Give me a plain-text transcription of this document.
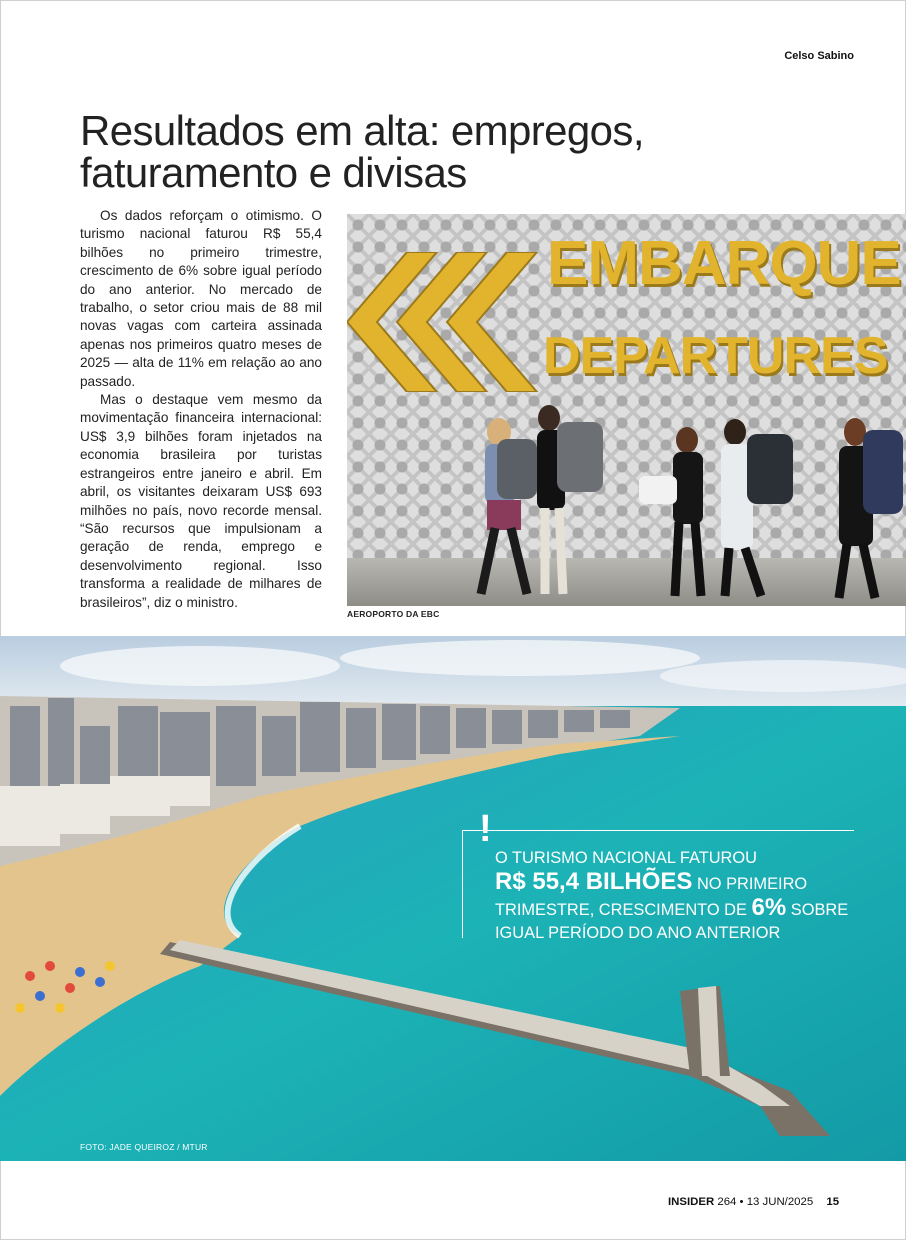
Celso Sabino
Resultados em alta: empregos,
faturamento e divisas

Os dados reforçam o otimismo. O turismo nacional faturou R$ 55,4 bilhões no primeiro trimestre, crescimento de 6% sobre igual período do ano anterior. No mercado de trabalho, o setor criou mais de 88 mil novas vagas com carteira assinada apenas nos primeiros quatro meses de 2025 — alta de 11% em relação ao ano passado.

Mas o destaque vem mesmo da movimentação financeira internacional: US$ 3,9 bilhões foram injetados na economia brasileira por turistas estrangeiros entre janeiro e abril. Em abril, os visitantes deixaram US$ 693 milhões no país, novo recorde mensal. “São recursos que impulsionam a geração de renda, emprego e desenvolvimento regional. Isso transforma a realidade de milhares de brasileiros”, diz o ministro.

EMBARQUE
DEPARTURES
AEROPORTO DA EBC
FOTO: JADE QUEIROZ / MTUR
!
O TURISMO NACIONAL FATUROU
R$ 55,4 BILHÕES NO PRIMEIRO TRIMESTRE, CRESCIMENTO DE 6% SOBRE IGUAL PERÍODO DO ANO ANTERIOR
INSIDER 264 • 13 JUN/2025 15
